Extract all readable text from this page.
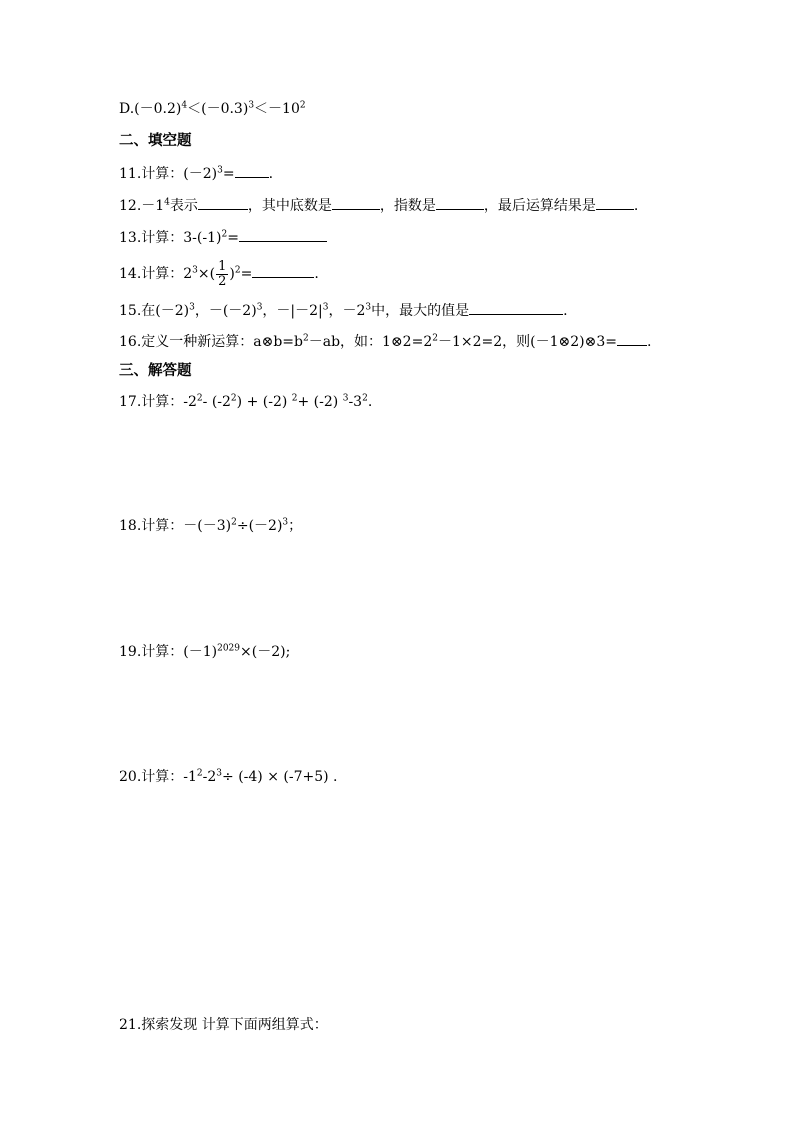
$D.(-0.2)^4<(-0.3)^3<-10^2$
二、填空题
11.计算：$(-2)^3=$ .
$12.-1^4$表示	，其中底数是	，指数是	，最后运算结果是	.
13.计算：$3-(-1)^2=$
14.计算：$2^3\times( \frac{1}{2} )^2=$	.
15.在$(-2)^3$，$-(-2)^3$，$-|-2|^3$，$-2^3$中，最大的值是	.
16.定义一种新运算：$a\otimes b=b^2-ab$，如：$1\otimes 2=2^2-1\times 2=2$，则(－1⊗2)⊗3= .
三、解答题
17.计算：$-2^2-$ $(-2^2) + (-2)$ $^2$+ (-2) $^3-3^2$.
18.计算：$-(-3)^2\div(-2)^3$；
19.计算：$(-1)^{2029}\times(-2)$;
20.计算：$-1^2-2^3\div (-4) \times (-7+5)$ .
21.探索发现 计算下面两组算式：
